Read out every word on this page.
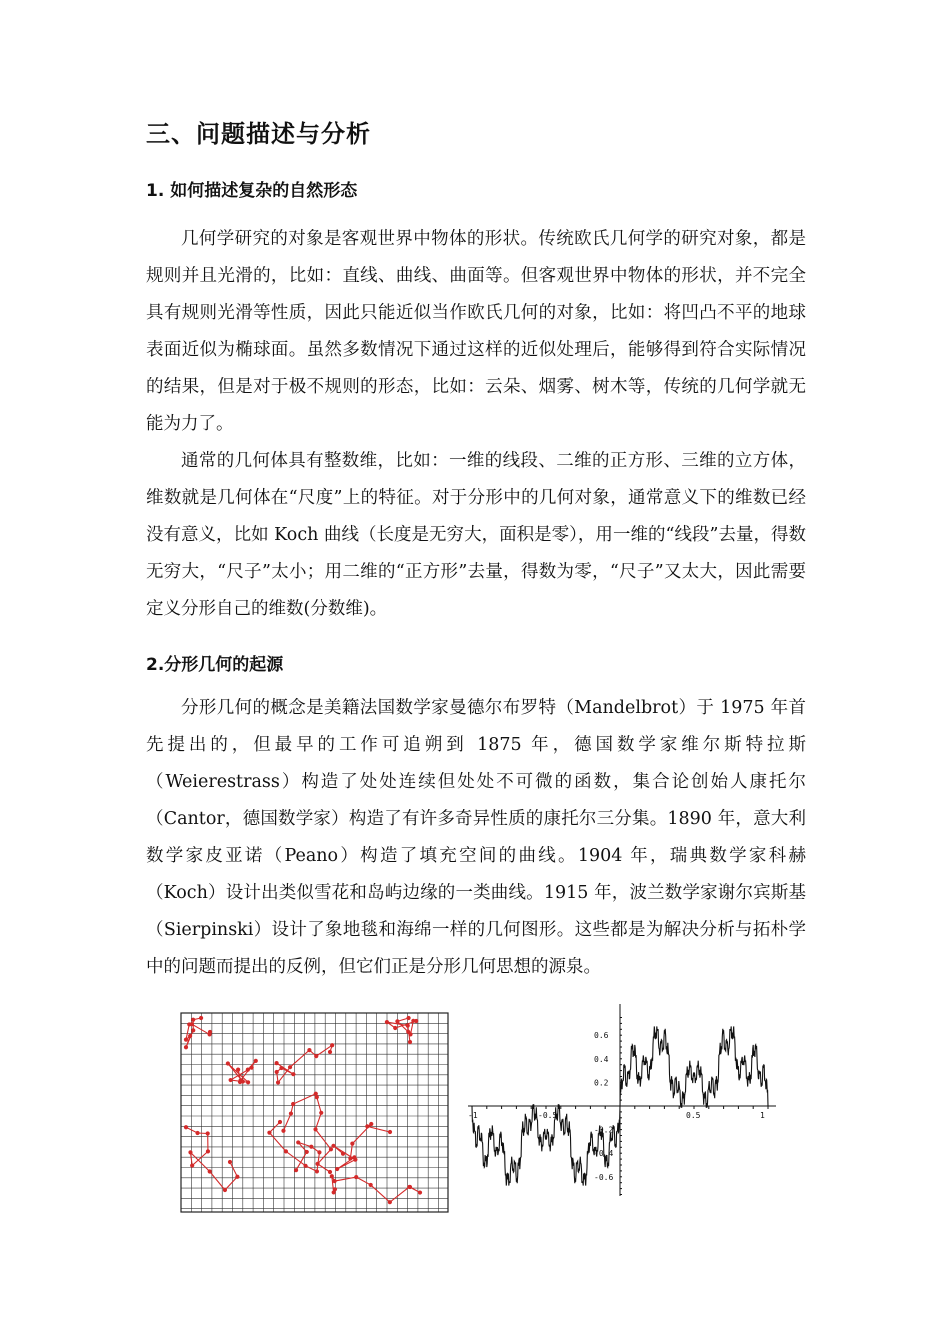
三、问题描述与分析
1. 如何描述复杂的自然形态

几何学研究的对象是客观世界中物体的形状。传统欧氏几何学的研究对象，都是规则并且光滑的，比如：直线、曲线、曲面等。但客观世界中物体的形状，并不完全具有规则光滑等性质，因此只能近似当作欧氏几何的对象，比如：将凹凸不平的地球表面近似为椭球面。虽然多数情况下通过这样的近似处理后，能够得到符合实际情况的结果，但是对于极不规则的形态，比如：云朵、烟雾、树木等，传统的几何学就无能为力了。

通常的几何体具有整数维，比如：一维的线段、二维的正方形、三维的立方体，维数就是几何体在“尺度”上的特征。对于分形中的几何对象，通常意义下的维数已经没有意义，比如 Koch 曲线（长度是无穷大，面积是零），用一维的“线段”去量，得数无穷大，“尺子”太小；用二维的“正方形”去量，得数为零，“尺子”又太大，因此需要定义分形自己的维数(分数维)。

2.分形几何的起源

分形几何的概念是美籍法国数学家曼德尔布罗特（Mandelbrot）于 1975 年首先提出的，但最早的工作可追朔到 1875 年，德国数学家维尔斯特拉斯（Weierestrass）构造了处处连续但处处不可微的函数，集合论创始人康托尔（Cantor，德国数学家）构造了有许多奇异性质的康托尔三分集。1890 年，意大利数学家皮亚诺（Peano）构造了填充空间的曲线。1904 年，瑞典数学家科赫（Koch）设计出类似雪花和岛屿边缘的一类曲线。1915 年，波兰数学家谢尔宾斯基（Sierpinski）设计了象地毯和海绵一样的几何图形。这些都是为解决分析与拓朴学中的问题而提出的反例，但它们正是分形几何思想的源泉。

-1	-0.5	0.5	1
0.6
0.4
0.2
-0.2
-0.4
-0.6
